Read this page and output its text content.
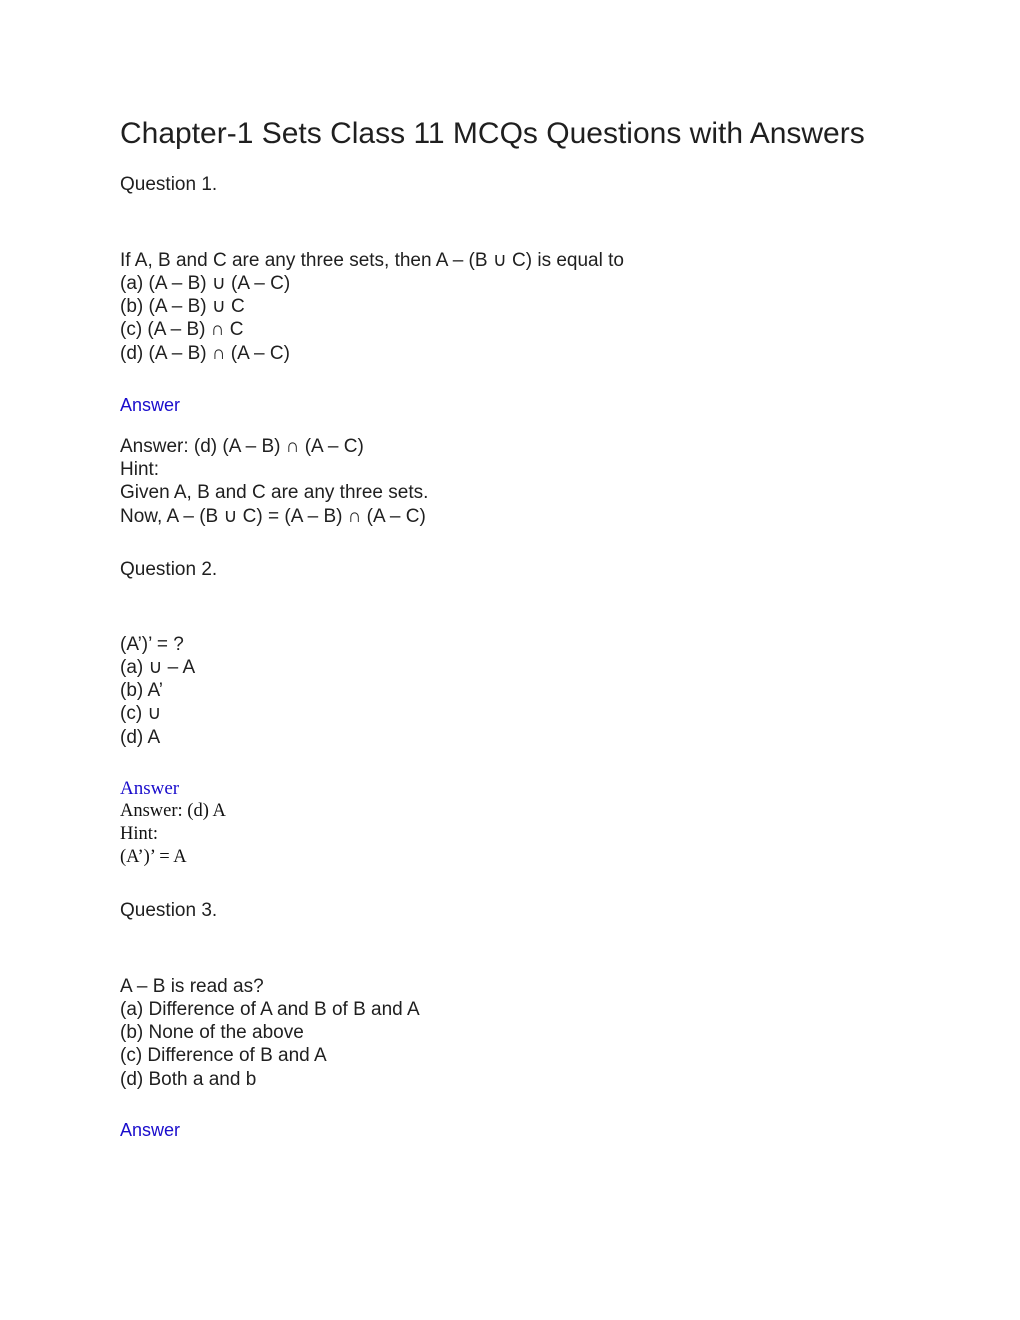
Chapter-1 Sets Class 11 MCQs Questions with Answers
Question 1.
If A, B and C are any three sets, then A – (B ∪ C) is equal to
(a) (A – B) ∪ (A – C)
(b) (A – B) ∪ C
(c) (A – B) ∩ C
(d) (A – B) ∩ (A – C)
Answer
Answer: (d) (A – B) ∩ (A – C)
Hint:
Given A, B and C are any three sets.
Now, A – (B ∪ C) = (A – B) ∩ (A – C)
Question 2.
(A’)’ = ?
(a) ∪ – A
(b) A’
(c) ∪
(d) A
Answer
Answer: (d) A
Hint:
(A’)’ = A
Question 3.
A – B is read as?
(a) Difference of A and B of B and A
(b) None of the above
(c) Difference of B and A
(d) Both a and b
Answer
